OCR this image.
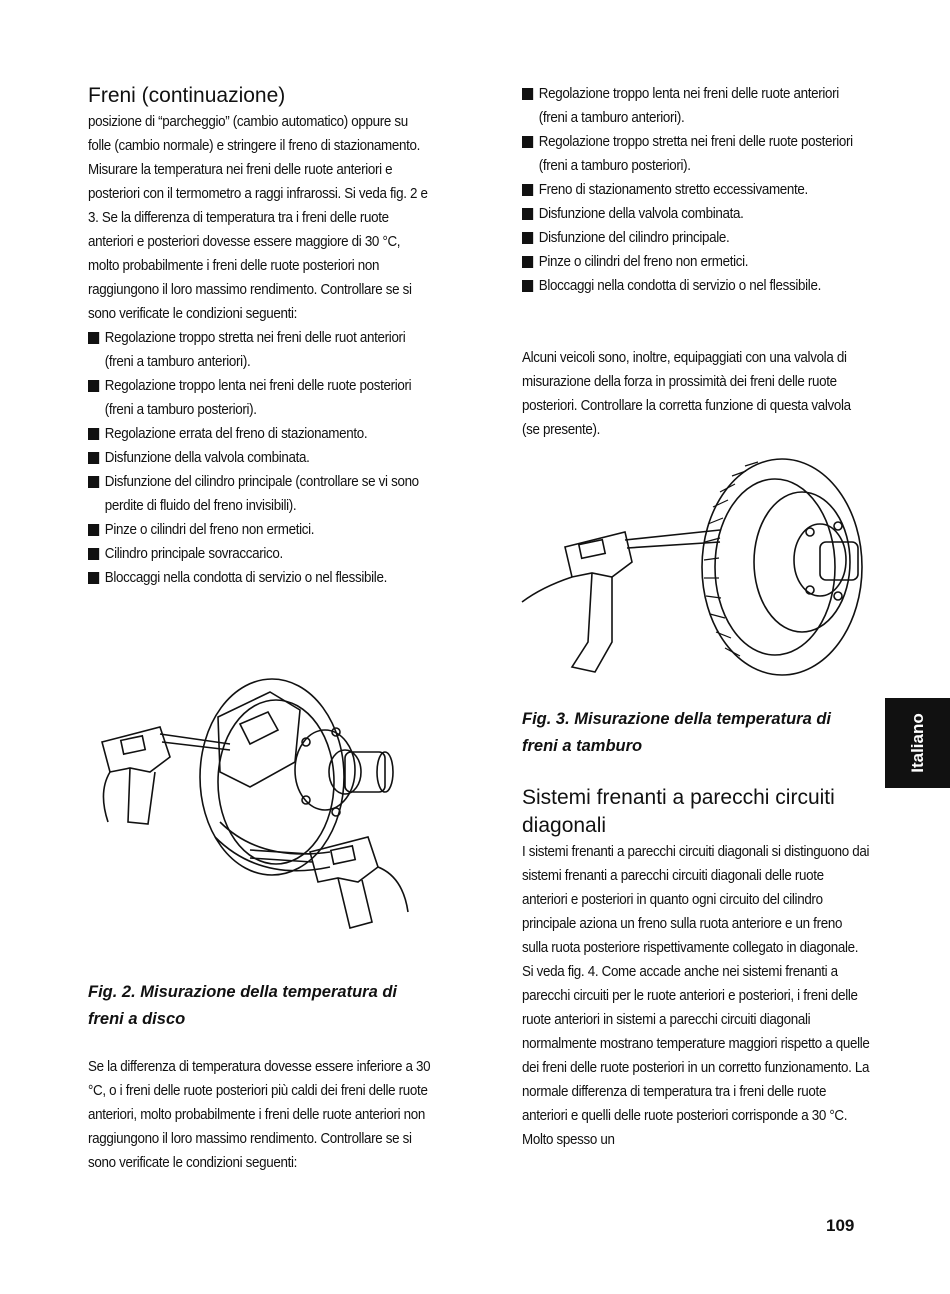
Freni (continuazione)

posizione di “parcheggio” (cambio automatico) oppure su folle (cambio normale) e stringere il freno di stazionamento. Misurare la temperatura nei freni delle ruote anteriori e posteriori con il termometro a raggi infrarossi. Si veda fig. 2 e 3. Se la differenza di temperatura tra i freni delle ruote anteriori e posteriori dovesse essere maggiore di 30 °C, molto probabilmente i freni delle ruote posteriori non raggiungono il loro massimo rendimento. Controllare se si sono verificate le condizioni seguenti:

Regolazione troppo stretta nei freni delle ruot anteriori (freni a tamburo anteriori).
Regolazione troppo lenta nei freni delle ruote posteriori (freni a tamburo posteriori).
Regolazione errata del freno di stazionamento.
Disfunzione della valvola combinata.
Disfunzione del cilindro principale (controllare se vi sono perdite di fluido del freno invisibili).
Pinze o cilindri del freno non ermetici.
Cilindro principale sovraccarico.
Bloccaggi nella condotta di servizio o nel flessibile.

Fig. 2. Misurazione della temperatura di freni a disco

Se la differenza di temperatura dovesse essere inferiore a 30 °C, o i freni delle ruote posteriori più caldi dei freni delle ruote anteriori, molto probabilmente i freni delle ruote anteriori non raggiungono il loro massimo rendimento. Controllare se si sono verificate le condizioni seguenti:

Regolazione troppo lenta nei freni delle ruote anteriori (freni a tamburo anteriori).
Regolazione troppo stretta nei freni delle ruote posteriori (freni a tamburo posteriori).
Freno di stazionamento stretto eccessivamente.
Disfunzione della valvola combinata.
Disfunzione del cilindro principale.
Pinze o cilindri del freno non ermetici.
Bloccaggi nella condotta di servizio o nel flessibile.

Alcuni veicoli sono, inoltre, equipaggiati con una valvola di misurazione della forza in prossimità dei freni delle ruote posteriori. Controllare la corretta funzione di questa valvola (se presente).

Fig. 3. Misurazione della temperatura di freni a tamburo

Sistemi frenanti a parecchi circuiti diagonali

I sistemi frenanti a parecchi circuiti diagonali si distinguono dai sistemi frenanti a parecchi circuiti diagonali delle ruote anteriori e posteriori in quanto ogni circuito del cilindro principale aziona un freno sulla ruota anteriore e un freno sulla ruota posteriore rispettivamente collegato in diagonale. Si veda fig. 4. Come accade anche nei sistemi frenanti a parecchi circuiti per le ruote anteriori e posteriori, i freni delle ruote anteriori in sistemi a parecchi circuiti diagonali normalmente mostrano temperature maggiori rispetto a quelle dei freni delle ruote posteriori in un corretto funzionamento. La normale differenza di temperatura tra i freni delle ruote anteriori e quelli delle ruote posteriori corrisponde a 30 °C. Molto spesso un

Italiano
109
